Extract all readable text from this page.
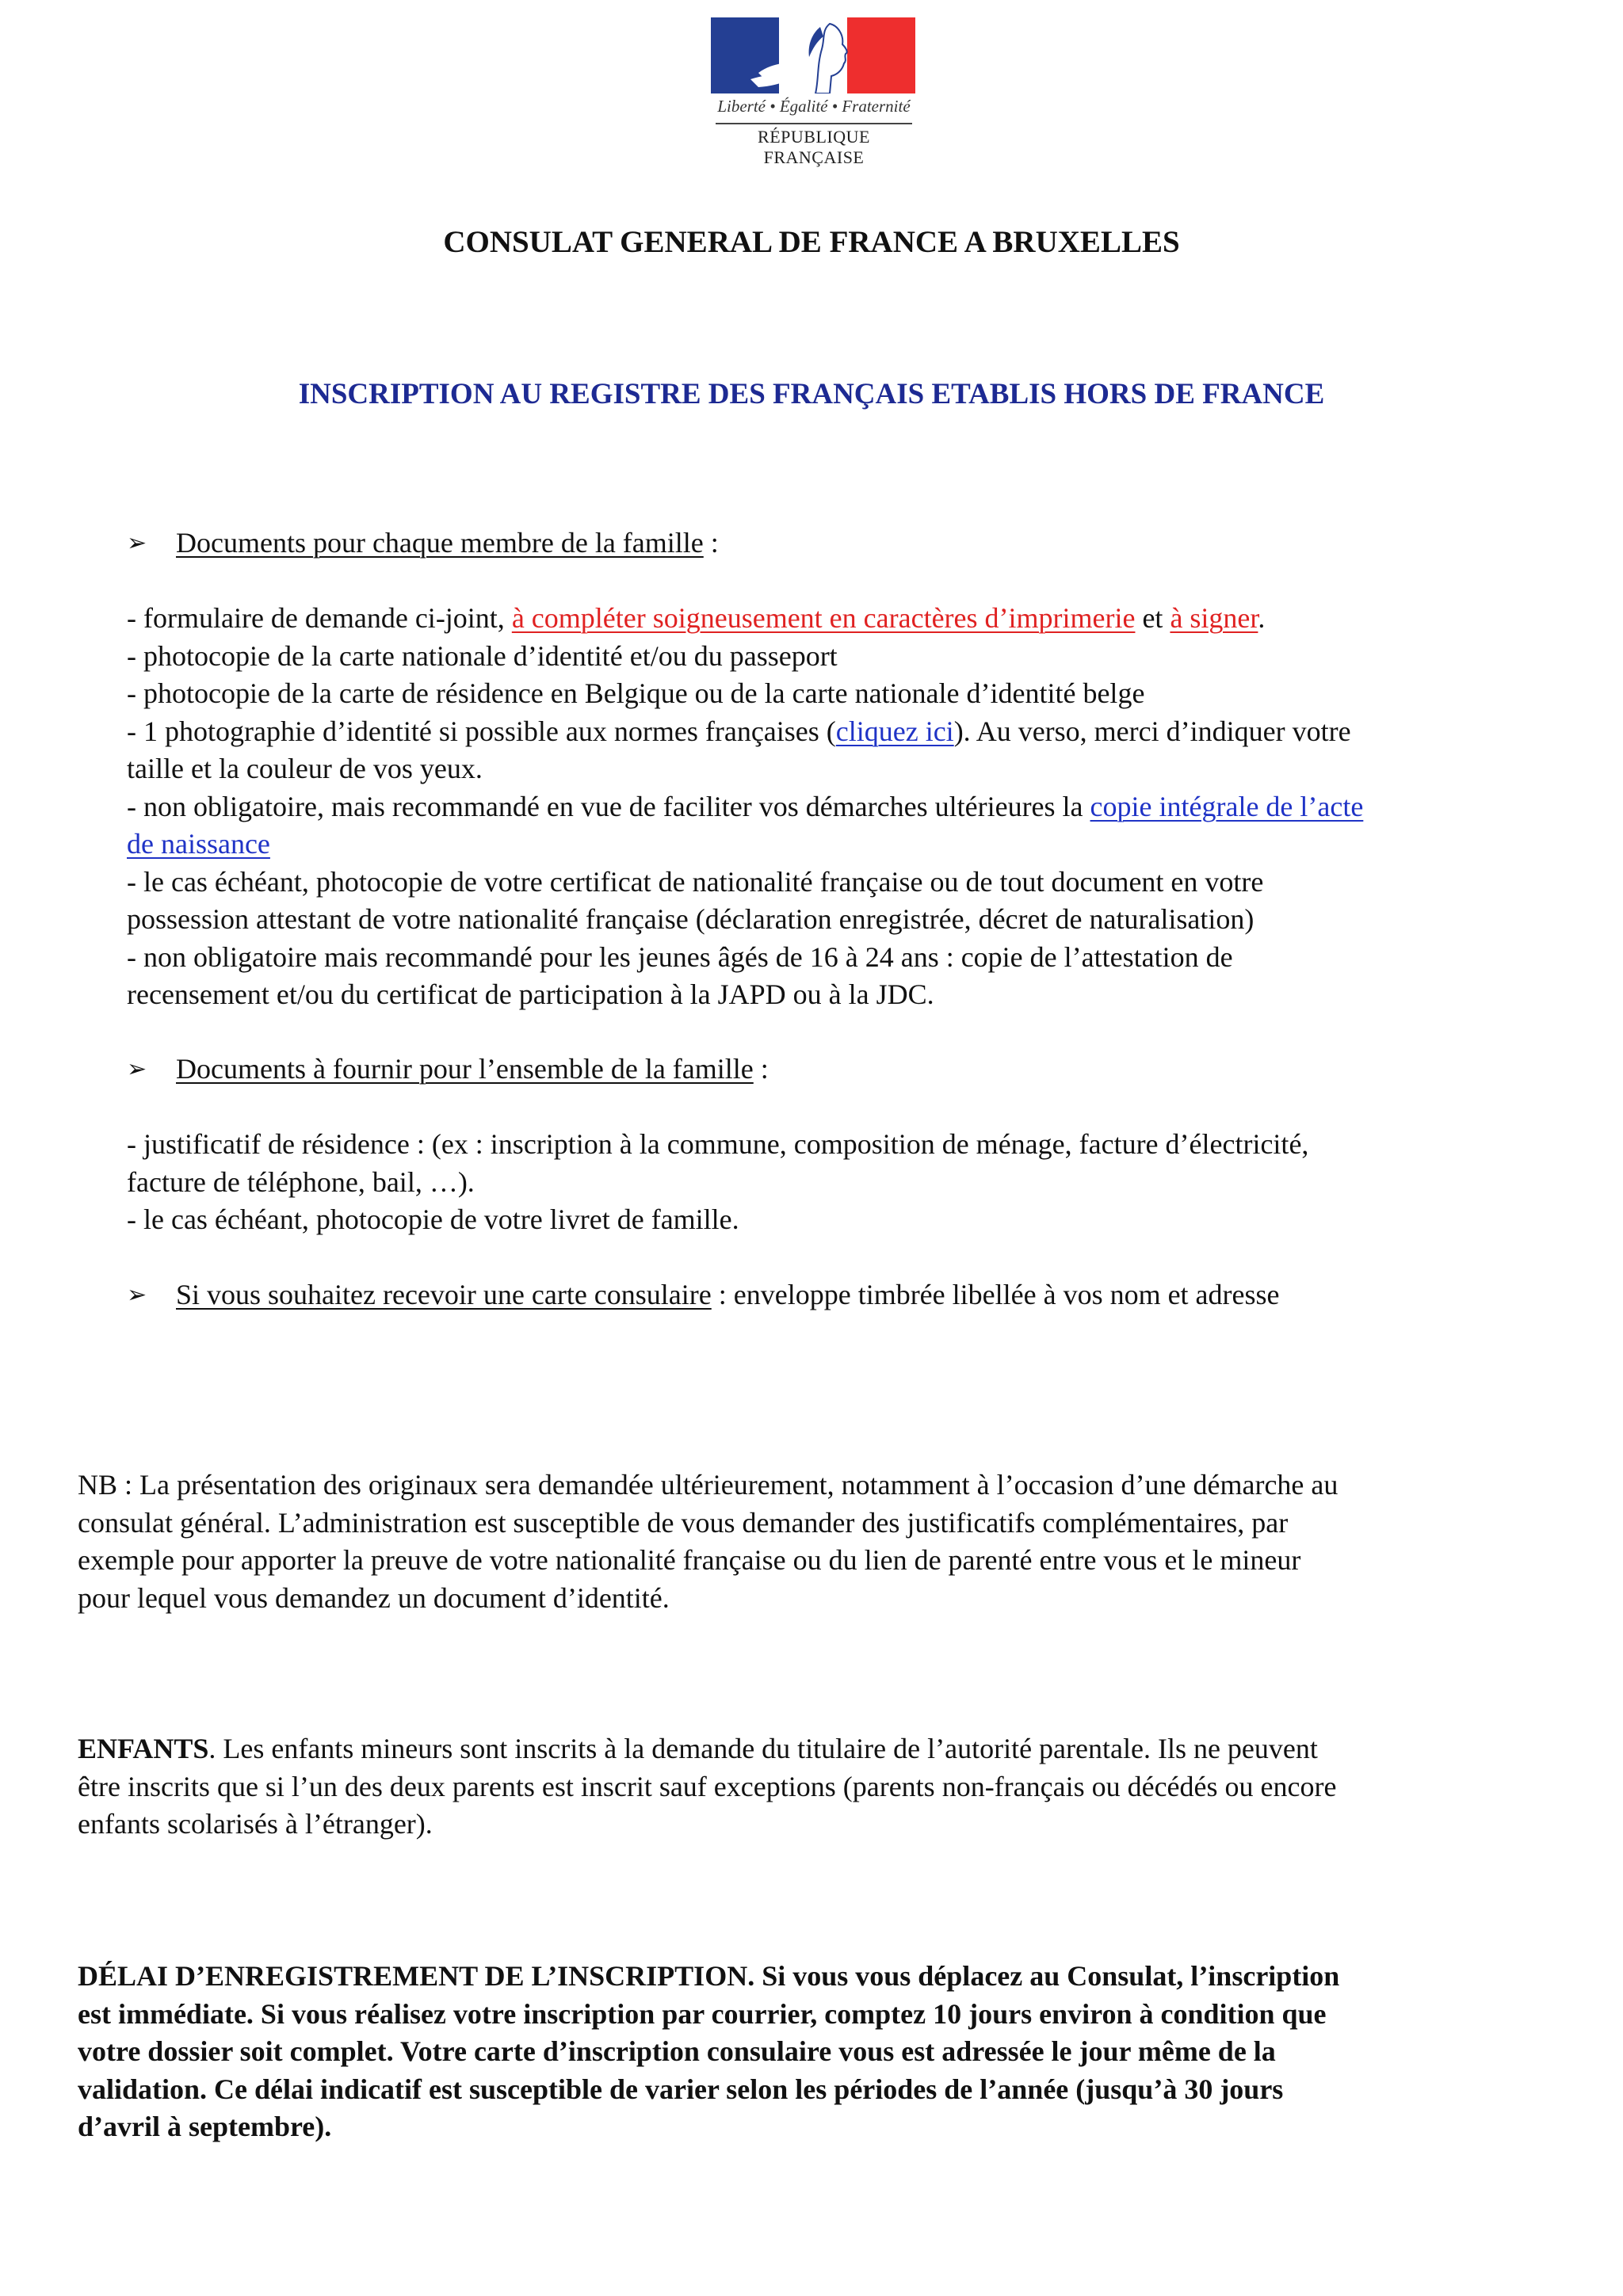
Liberté • Égalité • Fraternité
RÉPUBLIQUE FRANÇAISE
CONSULAT GENERAL DE FRANCE A BRUXELLES
INSCRIPTION AU REGISTRE DES FRANÇAIS ETABLIS HORS DE FRANCE
➢ Documents pour chaque membre de la famille :
- formulaire de demande ci-joint, à compléter soigneusement en caractères d’imprimerie et à signer.
- photocopie de la carte nationale d’identité et/ou du passeport
- photocopie de la carte de résidence en Belgique ou de la carte nationale d’identité belge
- 1 photographie d’identité si possible aux normes françaises (cliquez ici). Au verso, merci d’indiquer votre
taille et la couleur de vos yeux.
- non obligatoire, mais recommandé en vue de faciliter vos démarches ultérieures la copie intégrale de l’acte
de naissance
- le cas échéant, photocopie de votre certificat de nationalité française ou de tout document en votre
possession attestant de votre nationalité française (déclaration enregistrée, décret de naturalisation)
- non obligatoire mais recommandé pour les jeunes âgés de 16 à 24 ans : copie de l’attestation de
recensement et/ou du certificat de participation à la JAPD ou à la JDC.
➢ Documents à fournir pour l’ensemble de la famille :
- justificatif de résidence : (ex : inscription à la commune, composition de ménage, facture d’électricité,
facture de téléphone, bail, …).
- le cas échéant, photocopie de votre livret de famille.
➢ Si vous souhaitez recevoir une carte consulaire : enveloppe timbrée libellée à vos nom et adresse
NB : La présentation des originaux sera demandée ultérieurement, notamment à l’occasion d’une démarche au
consulat général. L’administration est susceptible de vous demander des justificatifs complémentaires, par
exemple pour apporter la preuve de votre nationalité française ou du lien de parenté entre vous et le mineur
pour lequel vous demandez un document d’identité.
ENFANTS. Les enfants mineurs sont inscrits à la demande du titulaire de l’autorité parentale. Ils ne peuvent
être inscrits que si l’un des deux parents est inscrit sauf exceptions (parents non-français ou décédés ou encore
enfants scolarisés à l’étranger).
DÉLAI D’ENREGISTREMENT DE L’INSCRIPTION. Si vous vous déplacez au Consulat, l’inscription
est immédiate. Si vous réalisez votre inscription par courrier, comptez 10 jours environ à condition que
votre dossier soit complet. Votre carte d’inscription consulaire vous est adressée le jour même de la
validation. Ce délai indicatif est susceptible de varier selon les périodes de l’année (jusqu’à 30 jours
d’avril à septembre).
